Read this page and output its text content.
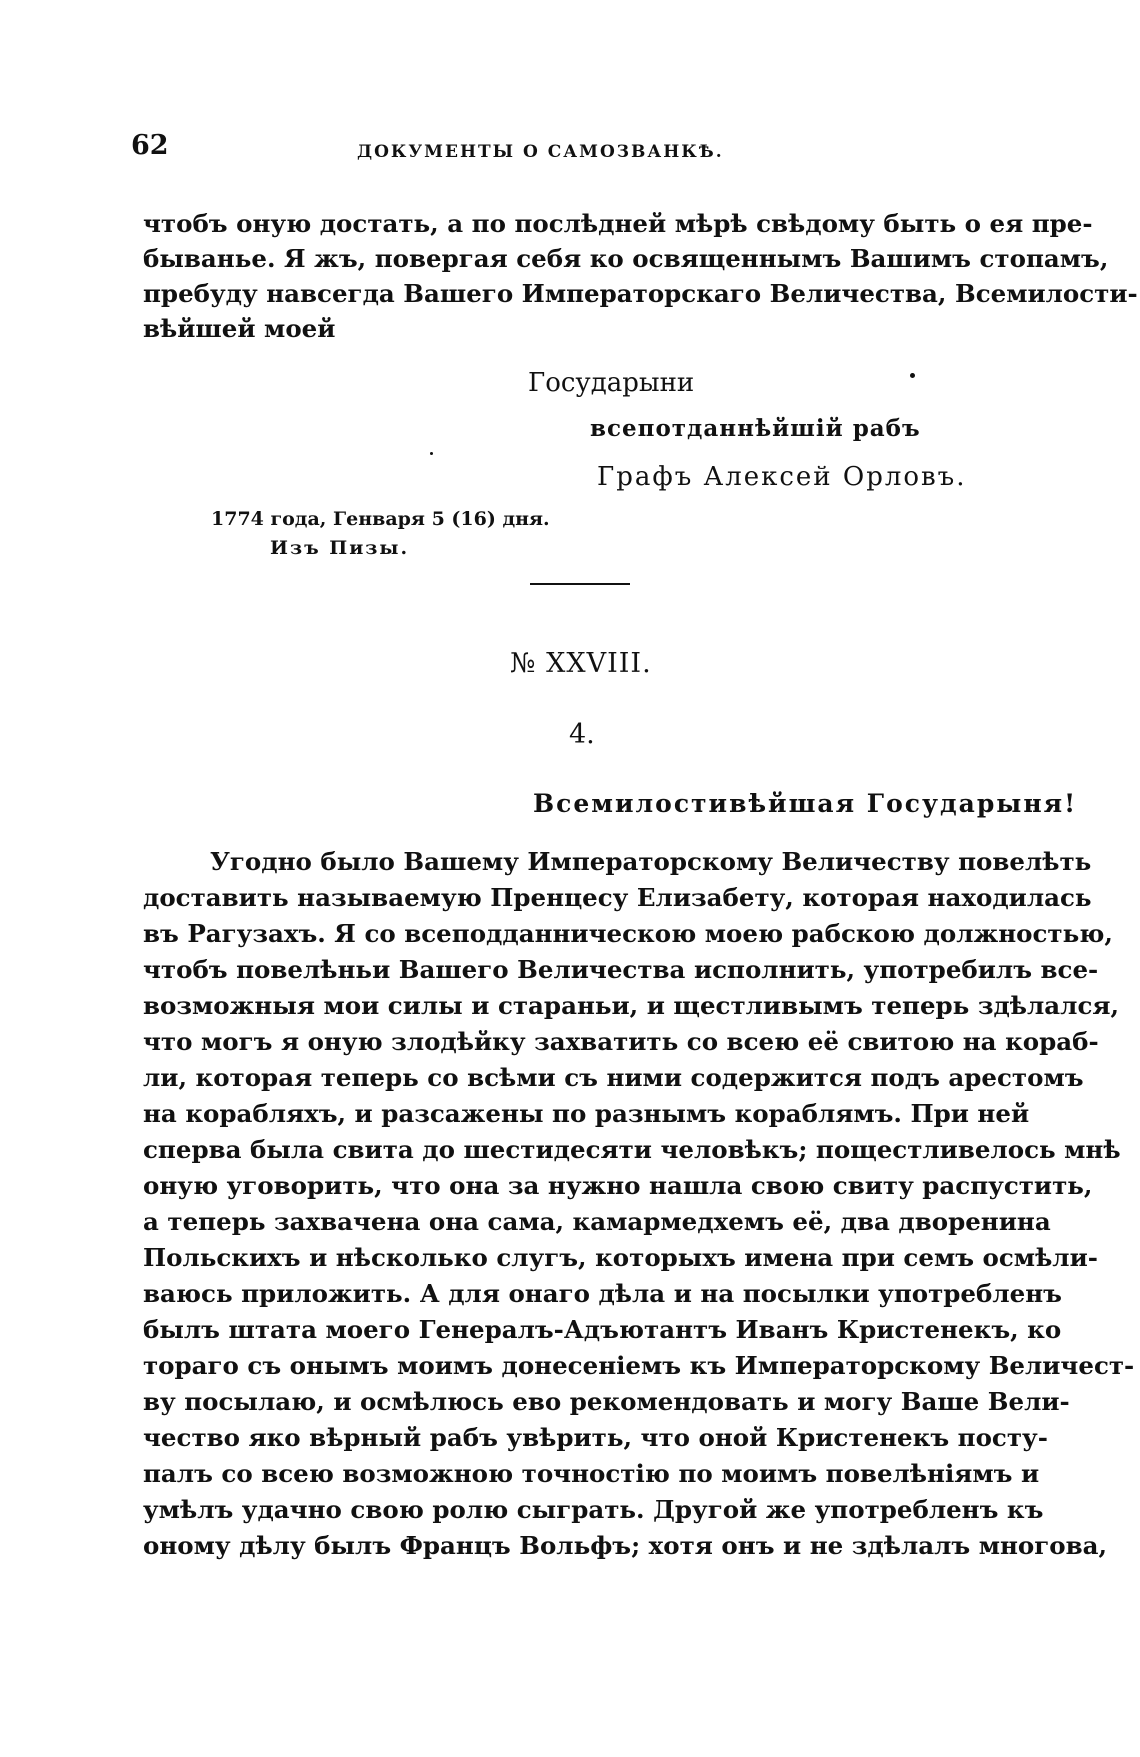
62	ДОКУМЕНТЫ О САМОЗВАНКѢ.
чтобъ оную достать, а по послѣдней мѣрѣ свѣдому быть о ея пре-
быванье. Я жъ, повергая себя ко освященнымъ Вашимъ стопамъ,
пребуду навсегда Вашего Императорскаго Величества, Всемилости-
вѣйшей моей
Государыни
всепотданнѣйшій рабъ
Графъ Алексей Орловъ.
1774 года, Генваря 5 (16) дня.
Изъ Пизы.
№ XXVIII.
4.
Всемилостивѣйшая Государыня!
Угодно было Вашему Императорскому Величеству повелѣть
доставить называемую Пренцесу Елизабету, которая находилась
въ Рагузахъ. Я со всеподданническою моею рабскою должностью,
чтобъ повелѣньи Вашего Величества исполнить, употребилъ все-
возможныя мои силы и стараньи, и щестливымъ теперь здѣлался,
что могъ я оную злодѣйку захватить со всею её свитою на кораб-
ли, которая теперь со всѣми съ ними содержится подъ арестомъ
на корабляхъ, и разсажены по разнымъ кораблямъ. При ней
сперва была свита до шестидесяти человѣкъ; пощестливелось мнѣ
оную уговорить, что она за нужно нашла свою свиту распустить,
а теперь захвачена она сама, камармедхемъ её, два дворенина
Польскихъ и нѣсколько слугъ, которыхъ имена при семъ осмѣли-
ваюсь приложить. А для онаго дѣла и на посылки употребленъ
былъ штата моего Генералъ-Адъютантъ Иванъ Кристенекъ, ко
тораго съ онымъ моимъ донесеніемъ къ Императорскому Величест-
ву посылаю, и осмѣлюсь ево рекомендовать и могу Ваше Вели-
чество яко вѣрный рабъ увѣрить, что оной Кристенекъ посту-
палъ со всею возможною точностію по моимъ повелѣніямъ и
умѣлъ удачно свою ролю сыграть. Другой же употребленъ къ
оному дѣлу былъ Францъ Вольфъ; хотя онъ и не здѣлалъ многова,
